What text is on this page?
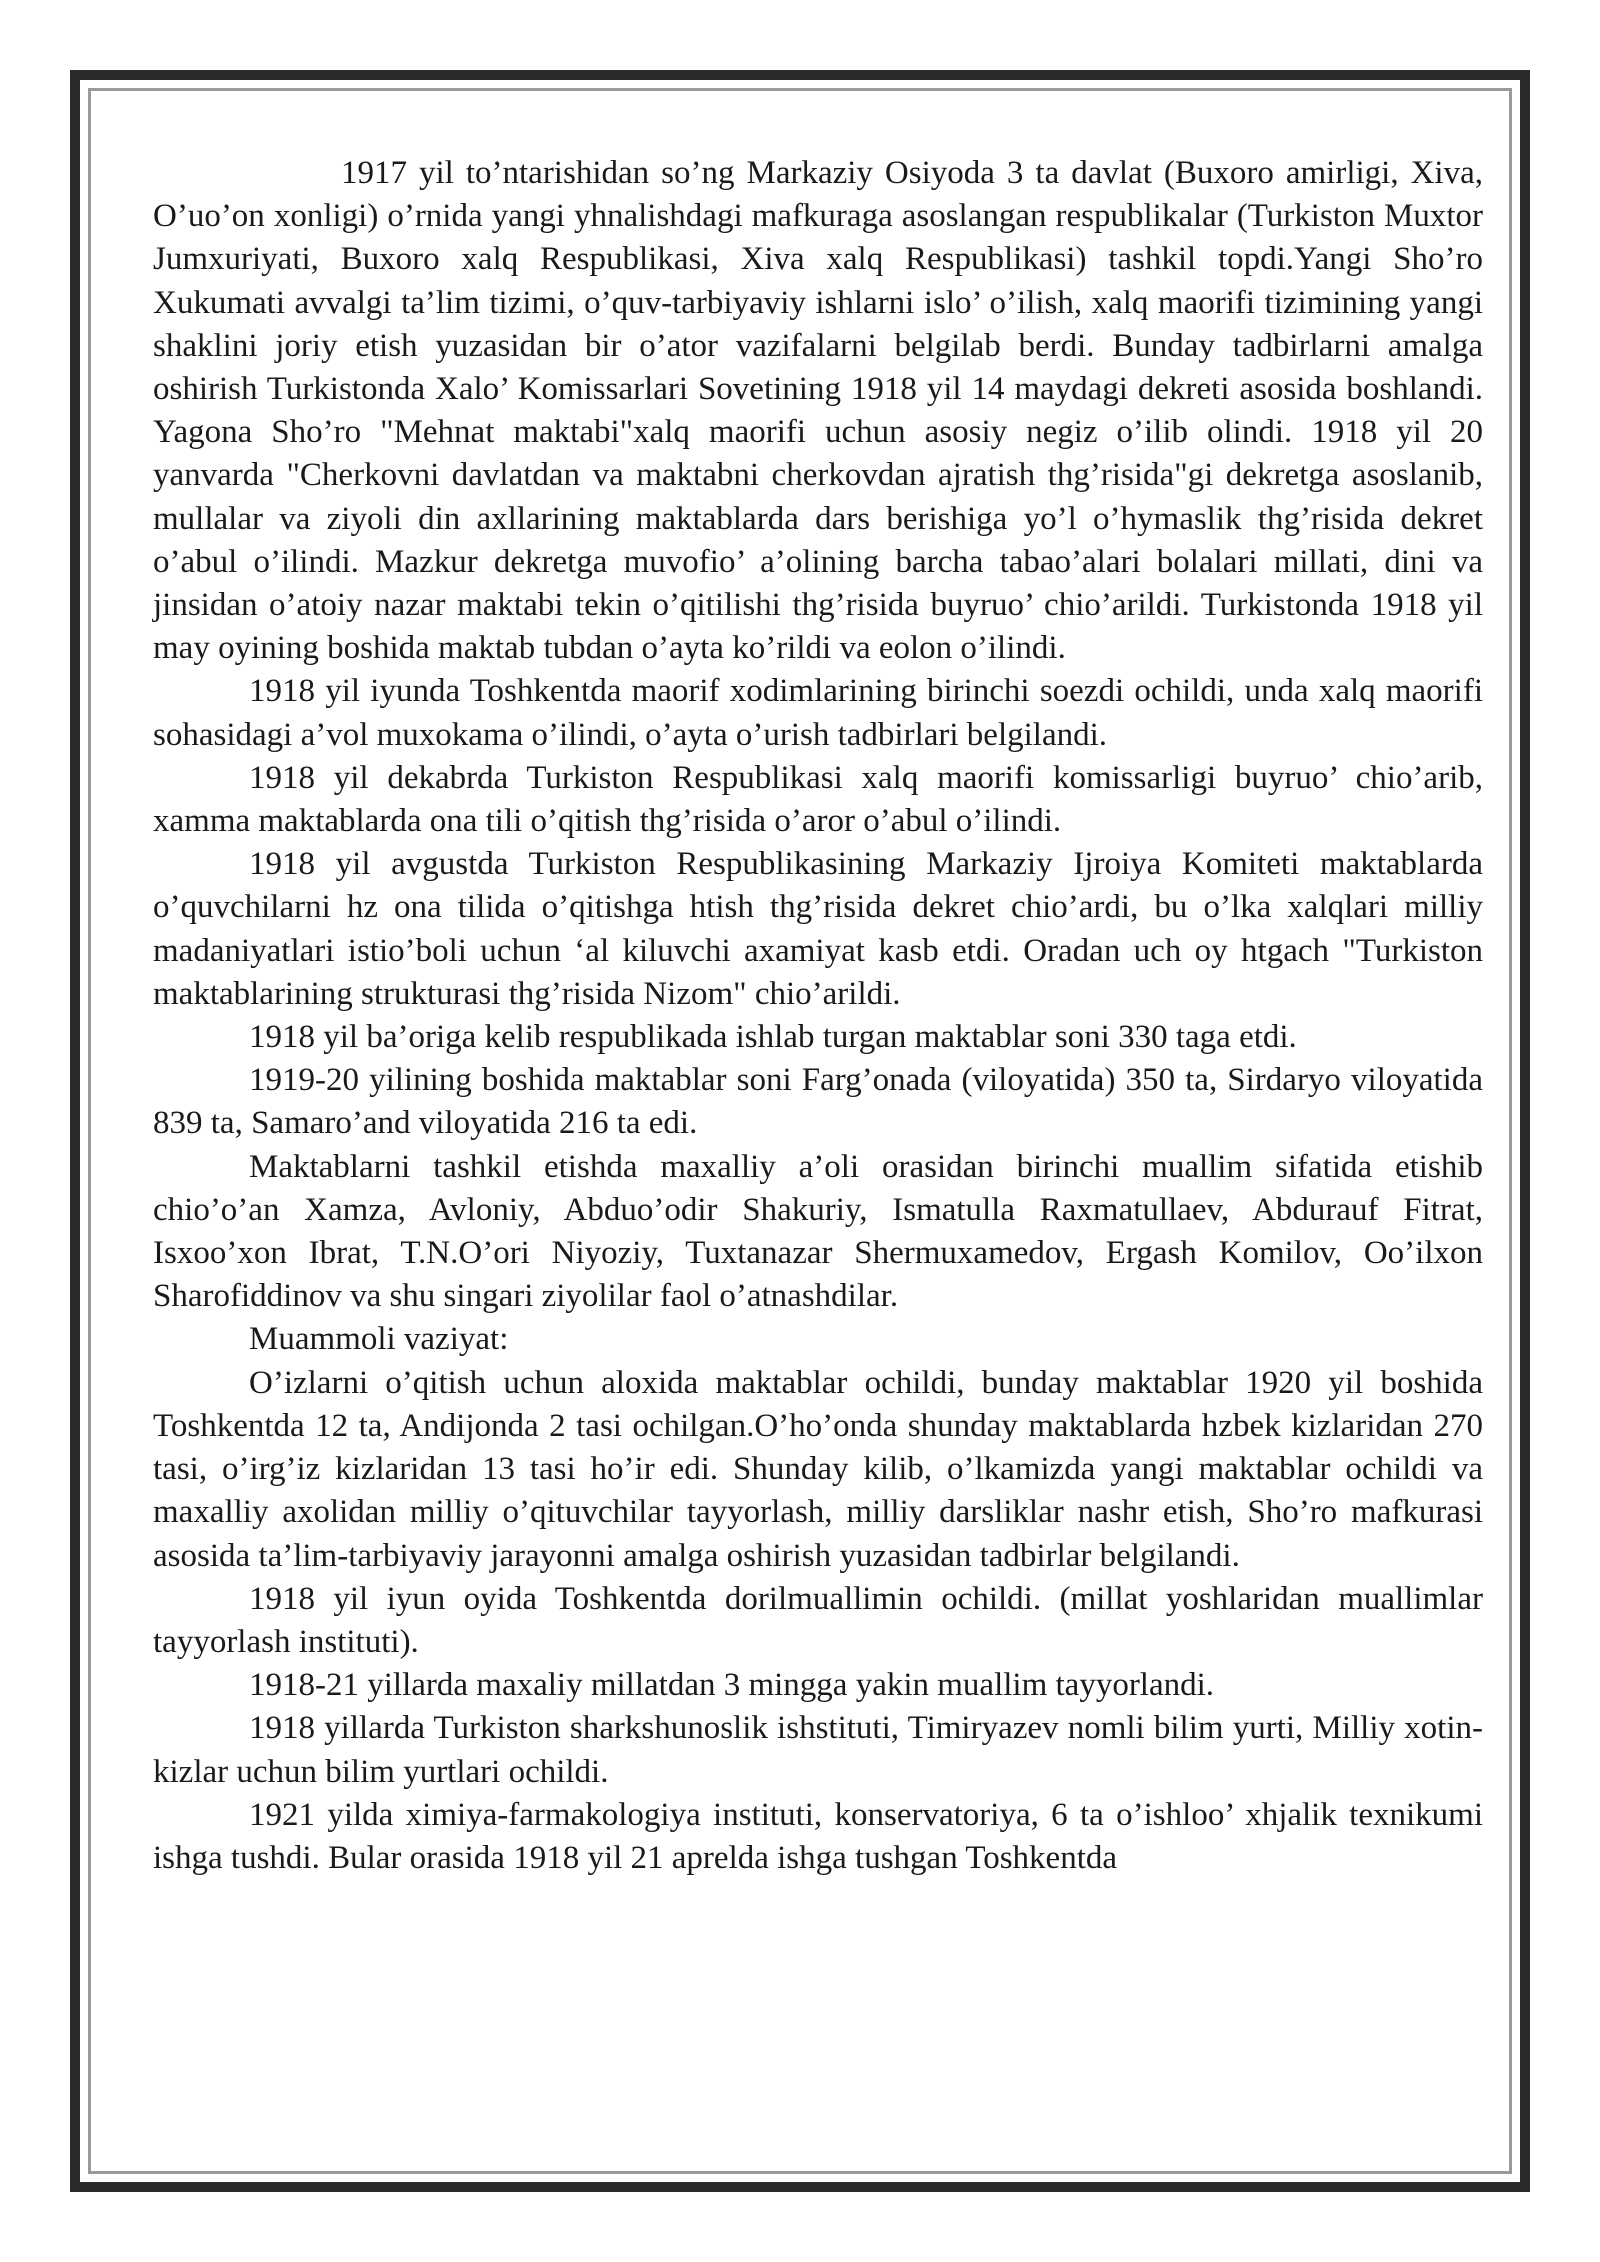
1917 yil to’ntarishidan so’ng Markaziy Osiyoda 3 ta davlat (Buxoro amirligi, Xiva, O’uo’on xonligi) o’rnida yangi yhnalishdagi mafkuraga asoslangan respublikalar (Turkiston Muxtor Jumxuriyati, Buxoro xalq Respublikasi, Xiva xalq Respublikasi) tashkil topdi.Yangi Sho’ro Xukumati avvalgi ta’lim tizimi, o’quv-tarbiyaviy ishlarni islo’ o’ilish, xalq maorifi tizimining yangi shaklini joriy etish yuzasidan bir o’ator vazifalarni belgilab berdi. Bunday tadbirlarni amalga oshirish Turkistonda Xalo’ Komissarlari Sovetining 1918 yil 14 maydagi dekreti asosida boshlandi. Yagona Sho’ro "Mehnat maktabi"xalq maorifi uchun asosiy negiz o’ilib olindi. 1918 yil 20 yanvarda "Cherkovni davlatdan va maktabni cherkovdan ajratish thg’risida"gi dekretga asoslanib, mullalar va ziyoli din axllarining maktablarda dars berishiga yo’l o’hymaslik thg’risida dekret o’abul o’ilindi. Mazkur dekretga muvofio’ a’olining barcha tabao’alari bolalari millati, dini va jinsidan o’atoiy nazar maktabi tekin o’qitilishi thg’risida buyruo’ chio’arildi. Turkistonda 1918 yil may oyining boshida maktab tubdan o’ayta ko’rildi va eolon o’ilindi.

1918 yil iyunda Toshkentda maorif xodimlarining birinchi soezdi ochildi, unda xalq maorifi sohasidagi a’vol muxokama o’ilindi, o’ayta o’urish tadbirlari belgilandi.

1918 yil dekabrda Turkiston Respublikasi xalq maorifi komissarligi buyruo’ chio’arib, xamma maktablarda ona tili o’qitish thg’risida o’aror o’abul o’ilindi.

1918 yil avgustda Turkiston Respublikasining Markaziy Ijroiya Komiteti maktablarda o’quvchilarni hz ona tilida o’qitishga htish thg’risida dekret chio’ardi, bu o’lka xalqlari milliy madaniyatlari istio’boli uchun ‘al kiluvchi axamiyat kasb etdi. Oradan uch oy htgach "Turkiston maktablarining strukturasi thg’risida Nizom" chio’arildi.

1918 yil ba’origa kelib respublikada ishlab turgan maktablar soni 330 taga etdi.

1919-20 yilining boshida maktablar soni Farg’onada (viloyatida) 350 ta, Sirdaryo viloyatida 839 ta, Samaro’and viloyatida 216 ta edi.

Maktablarni tashkil etishda maxalliy a’oli orasidan birinchi muallim sifatida etishib chio’o’an Xamza, Avloniy, Abduo’odir Shakuriy, Ismatulla Raxmatullaev, Abdurauf Fitrat, Isxoo’xon Ibrat, T.N.O’ori Niyoziy, Tuxtanazar Shermuxamedov, Ergash Komilov, Oo’ilxon Sharofiddinov va shu singari ziyolilar faol o’atnashdilar.

Muammoli vaziyat:

O’izlarni o’qitish uchun aloxida maktablar ochildi, bunday maktablar 1920 yil boshida Toshkentda 12 ta, Andijonda 2 tasi ochilgan.O’ho’onda shunday maktablarda hzbek kizlaridan 270 tasi, o’irg’iz kizlaridan 13 tasi ho’ir edi. Shunday kilib, o’lkamizda yangi maktablar ochildi va maxalliy axolidan milliy o’qituvchilar tayyorlash, milliy darsliklar nashr etish, Sho’ro mafkurasi asosida ta’lim-tarbiyaviy jarayonni amalga oshirish yuzasidan tadbirlar belgilandi.

1918 yil iyun oyida Toshkentda dorilmuallimin ochildi. (millat yoshlaridan muallimlar tayyorlash instituti).

1918-21 yillarda maxaliy millatdan 3 mingga yakin muallim tayyorlandi.

1918 yillarda Turkiston sharkshunoslik ishstituti, Timiryazev nomli bilim yurti, Milliy xotin-kizlar uchun bilim yurtlari ochildi.

1921 yilda ximiya-farmakologiya instituti, konservatoriya, 6 ta o’ishloo’ xhjalik texnikumi ishga tushdi. Bular orasida 1918 yil 21 aprelda ishga tushgan Toshkentda
